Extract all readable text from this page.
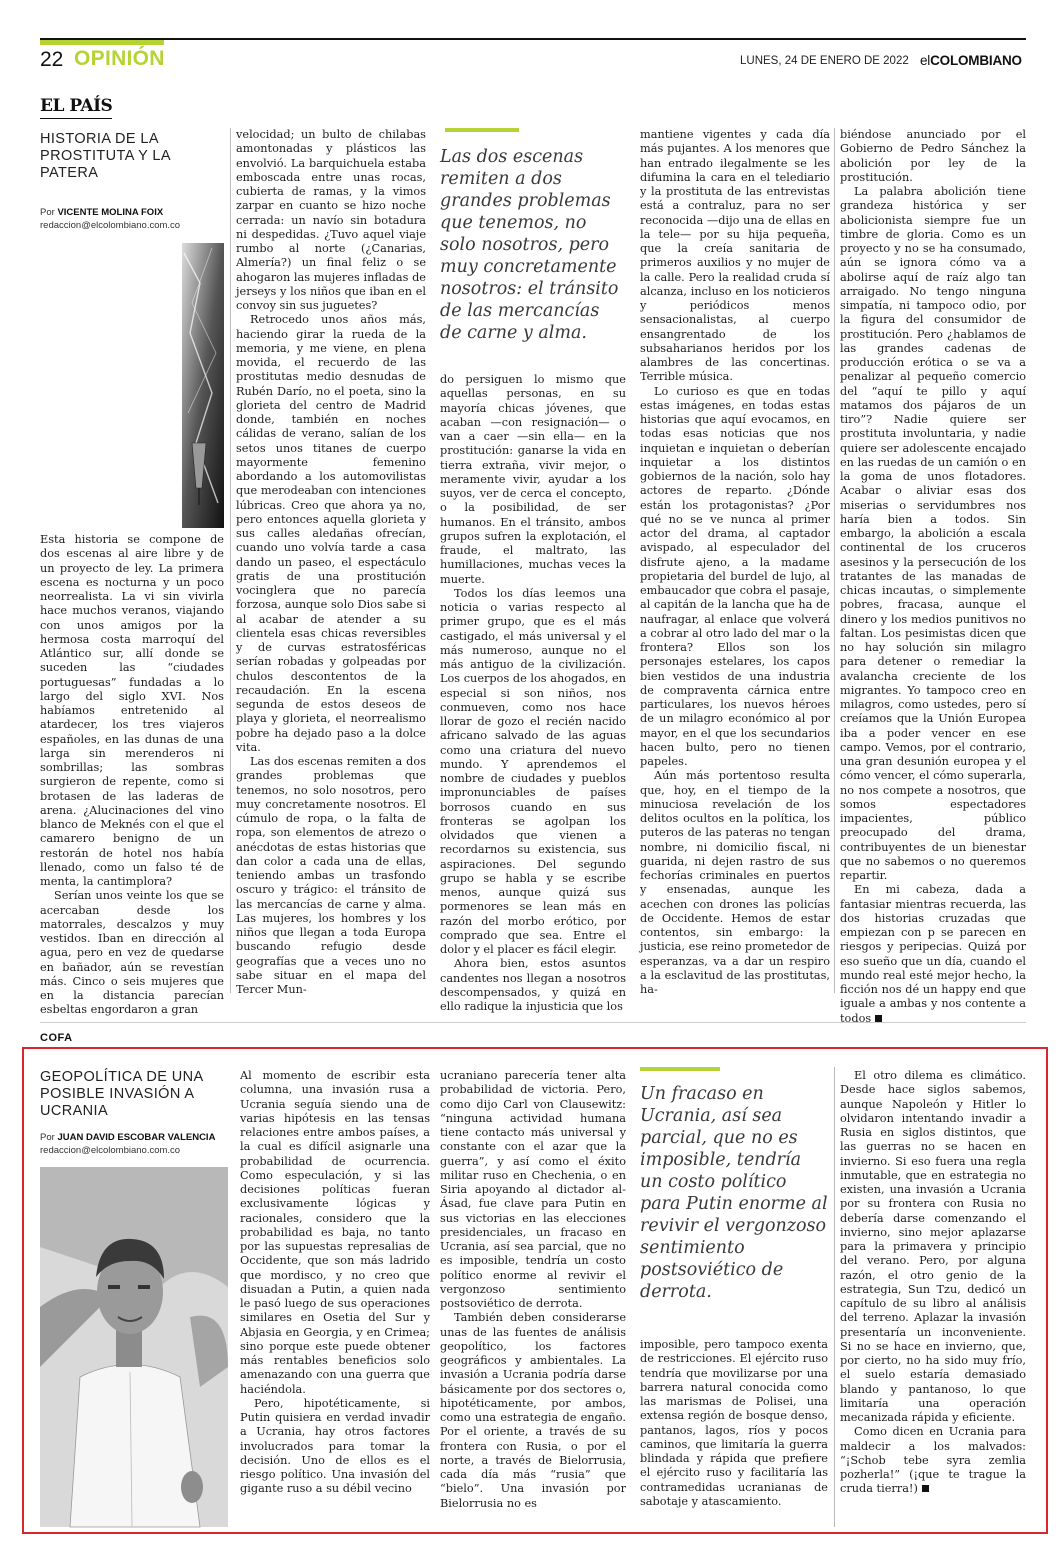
22 OPINIÓN	LUNES, 24 DE ENERO DE 2022 elCOLOMBIANO
EL PAÍS
HISTORIA DE LA PROSTITUTA Y LA PATERA
Por VICENTE MOLINA FOIX
redaccion@elcolombiano.com.co

Esta historia se compone de dos escenas al aire libre y de un proyecto de ley. La primera escena es nocturna y un poco neorrealista. La vi sin vivirla hace muchos veranos, viajando con unos amigos por la hermosa costa marroquí del Atlántico sur, allí donde se suceden las “ciudades portuguesas” fundadas a lo largo del siglo XVI. Nos habíamos entretenido al atardecer, los tres viajeros españoles, en las dunas de una larga sin merenderos ni sombrillas; las sombras surgieron de repente, como si brotasen de las laderas de arena. ¿Alucinaciones del vino blanco de Meknés con el que el camarero benigno de un restorán de hotel nos había llenado, como un falso té de menta, la cantimplora?

Serían unos veinte los que se acercaban desde los matorrales, descalzos y muy vestidos. Iban en dirección al agua, pero en vez de quedarse en bañador, aún se revestían más. Cinco o seis mujeres que en la distancia parecían esbeltas engordaron a gran

velocidad; un bulto de chilabas amontonadas y plásticos las envolvió. La barquichuela estaba emboscada entre unas rocas, cubierta de ramas, y la vimos zarpar en cuanto se hizo noche cerrada: un navío sin botadura ni despedidas. ¿Tuvo aquel viaje rumbo al norte (¿Canarias, Almería?) un final feliz o se ahogaron las mujeres infladas de jerseys y los niños que iban en el convoy sin sus juguetes?

Retrocedo unos años más, haciendo girar la rueda de la memoria, y me viene, en plena movida, el recuerdo de las prostitutas medio desnudas de Rubén Darío, no el poeta, sino la glorieta del centro de Madrid donde, también en noches cálidas de verano, salían de los setos unos titanes de cuerpo mayormente femenino abordando a los automovilistas que merodeaban con intenciones lúbricas. Creo que ahora ya no, pero entonces aquella glorieta y sus calles aledañas ofrecían, cuando uno volvía tarde a casa dando un paseo, el espectáculo gratis de una prostitución vocinglera que no parecía forzosa, aunque solo Dios sabe si al acabar de atender a su clientela esas chicas reversibles y de curvas estratosféricas serían robadas y golpeadas por chulos descontentos de la recaudación. En la escena segunda de estos deseos de playa y glorieta, el neorrealismo pobre ha dejado paso a la dolce vita.

Las dos escenas remiten a dos grandes problemas que tenemos, no solo nosotros, pero muy concretamente nosotros. El cúmulo de ropa, o la falta de ropa, son elementos de atrezo o anécdotas de estas historias que dan color a cada una de ellas, teniendo ambas un trasfondo oscuro y trágico: el tránsito de las mercancías de carne y alma. Las mujeres, los hombres y los niños que llegan a toda Europa buscando refugio desde geografías que a veces uno no sabe situar en el mapa del Tercer Mun-

Las dos escenas remiten a dos grandes problemas que tenemos, no solo nosotros, pero muy concretamente nosotros: el tránsito de las mercancías de carne y alma.

do persiguen lo mismo que aquellas personas, en su mayoría chicas jóvenes, que acaban —con resignación— o van a caer —sin ella— en la prostitución: ganarse la vida en tierra extraña, vivir mejor, o meramente vivir, ayudar a los suyos, ver de cerca el concepto, o la posibilidad, de ser humanos. En el tránsito, ambos grupos sufren la explotación, el fraude, el maltrato, las humillaciones, muchas veces la muerte.

Todos los días leemos una noticia o varias respecto al primer grupo, que es el más castigado, el más universal y el más numeroso, aunque no el más antiguo de la civilización. Los cuerpos de los ahogados, en especial si son niños, nos conmueven, como nos hace llorar de gozo el recién nacido africano salvado de las aguas como una criatura del nuevo mundo. Y aprendemos el nombre de ciudades y pueblos impronunciables de países borrosos cuando en sus fronteras se agolpan los olvidados que vienen a recordarnos su existencia, sus aspiraciones. Del segundo grupo se habla y se escribe menos, aunque quizá sus pormenores se lean más en razón del morbo erótico, por comprado que sea. Entre el dolor y el placer es fácil elegir.

Ahora bien, estos asuntos candentes nos llegan a nosotros descompensados, y quizá en ello radique la injusticia que los

mantiene vigentes y cada día más pujantes. A los menores que han entrado ilegalmente se les difumina la cara en el telediario y la prostituta de las entrevistas está a contraluz, para no ser reconocida —dijo una de ellas en la tele— por su hija pequeña, que la creía sanitaria de primeros auxilios y no mujer de la calle. Pero la realidad cruda sí alcanza, incluso en los noticieros y periódicos menos sensacionalistas, al cuerpo ensangrentado de los subsaharianos heridos por los alambres de las concertinas. Terrible música.

Lo curioso es que en todas estas imágenes, en todas estas historias que aquí evocamos, en todas esas noticias que nos inquietan e inquietan o deberían inquietar a los distintos gobiernos de la nación, solo hay actores de reparto. ¿Dónde están los protagonistas? ¿Por qué no se ve nunca al primer actor del drama, al captador avispado, al especulador del disfrute ajeno, a la madame propietaria del burdel de lujo, al embaucador que cobra el pasaje, al capitán de la lancha que ha de naufragar, al enlace que volverá a cobrar al otro lado del mar o la frontera? Ellos son los personajes estelares, los capos bien vestidos de una industria de compraventa cárnica entre particulares, los nuevos héroes de un milagro económico al por mayor, en el que los secundarios hacen bulto, pero no tienen papeles.

Aún más portentoso resulta que, hoy, en el tiempo de la minuciosa revelación de los delitos ocultos en la política, los puteros de las pateras no tengan nombre, ni domicilio fiscal, ni guarida, ni dejen rastro de sus fechorías criminales en puertos y ensenadas, aunque les acechen con drones las policías de Occidente. Hemos de estar contentos, sin embargo: la justicia, ese reino prometedor de esperanzas, va a dar un respiro a la esclavitud de las prostitutas, ha-

biéndose anunciado por el Gobierno de Pedro Sánchez la abolición por ley de la prostitución.

La palabra abolición tiene grandeza histórica y ser abolicionista siempre fue un timbre de gloria. Como es un proyecto y no se ha consumado, aún se ignora cómo va a abolirse aquí de raíz algo tan arraigado. No tengo ninguna simpatía, ni tampoco odio, por la figura del consumidor de prostitución. Pero ¿hablamos de las grandes cadenas de producción erótica o se va a penalizar al pequeño comercio del “aquí te pillo y aquí matamos dos pájaros de un tiro”? Nadie quiere ser prostituta involuntaria, y nadie quiere ser adolescente encajado en las ruedas de un camión o en la goma de unos flotadores. Acabar o aliviar esas dos miserias o servidumbres nos haría bien a todos. Sin embargo, la abolición a escala continental de los cruceros asesinos y la persecución de los tratantes de las manadas de chicas incautas, o simplemente pobres, fracasa, aunque el dinero y los medios punitivos no faltan. Los pesimistas dicen que no hay solución sin milagro para detener o remediar la avalancha creciente de los migrantes. Yo tampoco creo en milagros, como ustedes, pero sí creíamos que la Unión Europea iba a poder vencer en ese campo. Vemos, por el contrario, una gran desunión europea y el cómo vencer, el cómo superarla, no nos compete a nosotros, que somos espectadores impacientes, público preocupado del drama, contribuyentes de un bienestar que no sabemos o no queremos repartir.

En mi cabeza, dada a fantasiar mientras recuerda, las dos historias cruzadas que empiezan con p se parecen en riesgos y peripecias. Quizá por eso sueño que un día, cuando el mundo real esté mejor hecho, la ficción nos dé un happy end que iguale a ambas y nos contente a todos

COFA
GEOPOLÍTICA DE UNA POSIBLE INVASIÓN A UCRANIA
Por JUAN DAVID ESCOBAR VALENCIA
redaccion@elcolombiano.com.co

Al momento de escribir esta columna, una invasión rusa a Ucrania seguía siendo una de varias hipótesis en las tensas relaciones entre ambos países, a la cual es difícil asignarle una probabilidad de ocurrencia. Como especulación, y si las decisiones políticas fueran exclusivamente lógicas y racionales, considero que la probabilidad es baja, no tanto por las supuestas represalias de Occidente, que son más ladrido que mordisco, y no creo que disuadan a Putin, a quien nada le pasó luego de sus operaciones similares en Osetia del Sur y Abjasia en Georgia, y en Crimea; sino porque este puede obtener más rentables beneficios solo amenazando con una guerra que haciéndola.

Pero, hipotéticamente, si Putin quisiera en verdad invadir a Ucrania, hay otros factores involucrados para tomar la decisión. Uno de ellos es el riesgo político. Una invasión del gigante ruso a su débil vecino

ucraniano parecería tener alta probabilidad de victoria. Pero, como dijo Carl von Clausewitz: “ninguna actividad humana tiene contacto más universal y constante con el azar que la guerra”, y así como el éxito militar ruso en Chechenia, o en Siria apoyando al dictador al-Ásad, fue clave para Putin en sus victorias en las elecciones presidenciales, un fracaso en Ucrania, así sea parcial, que no es imposible, tendría un costo político enorme al revivir el vergonzoso sentimiento postsoviético de derrota.

También deben considerarse unas de las fuentes de análisis geopolítico, los factores geográficos y ambientales. La invasión a Ucrania podría darse básicamente por dos sectores o, hipotéticamente, por ambos, como una estrategia de engaño. Por el oriente, a través de su frontera con Rusia, o por el norte, a través de Bielorrusia, cada día más “rusia” que “bielo”. Una invasión por Bielorrusia no es

Un fracaso en Ucrania, así sea parcial, que no es imposible, tendría un costo político para Putin enorme al revivir el vergonzoso sentimiento postsoviético de derrota.

imposible, pero tampoco exenta de restricciones. El ejército ruso tendría que movilizarse por una barrera natural conocida como las marismas de Polisei, una extensa región de bosque denso, pantanos, lagos, ríos y pocos caminos, que limitaría la guerra blindada y rápida que prefiere el ejército ruso y facilitaría las contramedidas ucranianas de sabotaje y atascamiento.

El otro dilema es climático. Desde hace siglos sabemos, aunque Napoleón y Hitler lo olvidaron intentando invadir a Rusia en siglos distintos, que las guerras no se hacen en invierno. Si eso fuera una regla inmutable, que en estrategia no existen, una invasión a Ucrania por su frontera con Rusia no debería darse comenzando el invierno, sino mejor aplazarse para la primavera y principio del verano. Pero, por alguna razón, el otro genio de la estrategia, Sun Tzu, dedicó un capítulo de su libro al análisis del terreno. Aplazar la invasión presentaría un inconveniente. Si no se hace en invierno, que, por cierto, no ha sido muy frío, el suelo estaría demasiado blando y pantanoso, lo que limitaría una operación mecanizada rápida y eficiente.

Como dicen en Ucrania para maldecir a los malvados: “¡Schob tebe syra zemlia pozherla!” (¡que te trague la cruda tierra!)
